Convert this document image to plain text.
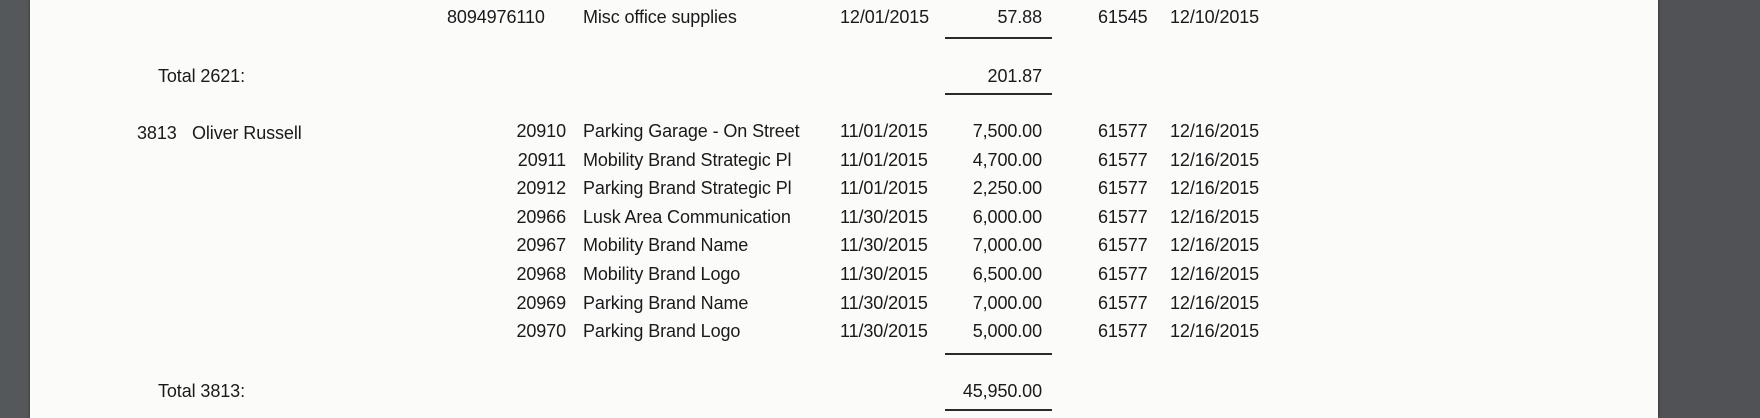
8094976110 Misc office supplies	12/01/2015	57.88	61545 12/10/2015
Total 2621:	201.87
3813 Oliver Russell	20910 Parking Garage - On Street 11/01/2015	7,500.00	61577 12/16/2015
20911 Mobility Brand Strategic Pl	11/01/2015	4,700.00	61577 12/16/2015
20912 Parking Brand Strategic Pl	11/01/2015	2,250.00	61577 12/16/2015
20966 Lusk Area Communication	11/30/2015	6,000.00	61577 12/16/2015
20967 Mobility Brand Name	11/30/2015	7,000.00	61577 12/16/2015
20968 Mobility Brand Logo	11/30/2015	6,500.00	61577 12/16/2015
20969 Parking Brand Name	11/30/2015	7,000.00	61577 12/16/2015
20970 Parking Brand Logo	11/30/2015	5,000.00	61577 12/16/2015
Total 3813:	45,950.00
